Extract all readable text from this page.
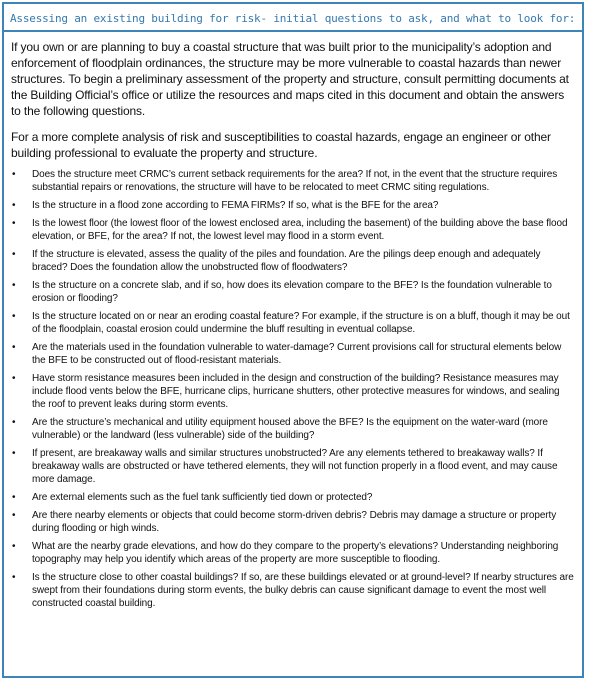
Assessing an existing building for risk- initial questions to ask, and what to look for:

If you own or are planning to buy a coastal structure that was built prior to the municipality’s adoption and enforcement of floodplain ordinances, the structure may be more vulnerable to coastal hazards than newer structures. To begin a preliminary assessment of the property and structure, consult permitting documents at the Building Official’s office or utilize the resources and maps cited in this document and obtain the answers to the following questions.

For a more complete analysis of risk and susceptibilities to coastal hazards, engage an engineer or other building professional to evaluate the property and structure.

• Does the structure meet CRMC’s current setback requirements for the area? If not, in the event that the structure requires substantial repairs or renovations, the structure will have to be relocated to meet CRMC siting regulations.
• Is the structure in a flood zone according to FEMA FIRMs? If so, what is the BFE for the area?
• Is the lowest floor (the lowest floor of the lowest enclosed area, including the basement) of the building above the base flood elevation, or BFE, for the area? If not, the lowest level may flood in a storm event.
• If the structure is elevated, assess the quality of the piles and foundation. Are the pilings deep enough and adequately braced? Does the foundation allow the unobstructed flow of floodwaters?
• Is the structure on a concrete slab, and if so, how does its elevation compare to the BFE? Is the foundation vulnerable to erosion or flooding?
• Is the structure located on or near an eroding coastal feature? For example, if the structure is on a bluff, though it may be out of the floodplain, coastal erosion could undermine the bluff resulting in eventual collapse.
• Are the materials used in the foundation vulnerable to water-damage? Current provisions call for structural elements below the BFE to be constructed out of flood-resistant materials.
• Have storm resistance measures been included in the design and construction of the building? Resistance measures may include flood vents below the BFE, hurricane clips, hurricane shutters, other protective measures for windows, and sealing the roof to prevent leaks during storm events.
• Are the structure’s mechanical and utility equipment housed above the BFE? Is the equipment on the water-ward (more vulnerable) or the landward (less vulnerable) side of the building?
• If present, are breakaway walls and similar structures unobstructed? Are any elements tethered to breakaway walls? If breakaway walls are obstructed or have tethered elements, they will not function properly in a flood event, and may cause more damage.
• Are external elements such as the fuel tank sufficiently tied down or protected?
• Are there nearby elements or objects that could become storm-driven debris? Debris may damage a structure or property during flooding or high winds.
• What are the nearby grade elevations, and how do they compare to the property’s elevations? Understanding neighboring topography may help you identify which areas of the property are more susceptible to flooding.
• Is the structure close to other coastal buildings? If so, are these buildings elevated or at ground-level? If nearby structures are swept from their foundations during storm events, the bulky debris can cause significant damage to event the most well constructed coastal building.
